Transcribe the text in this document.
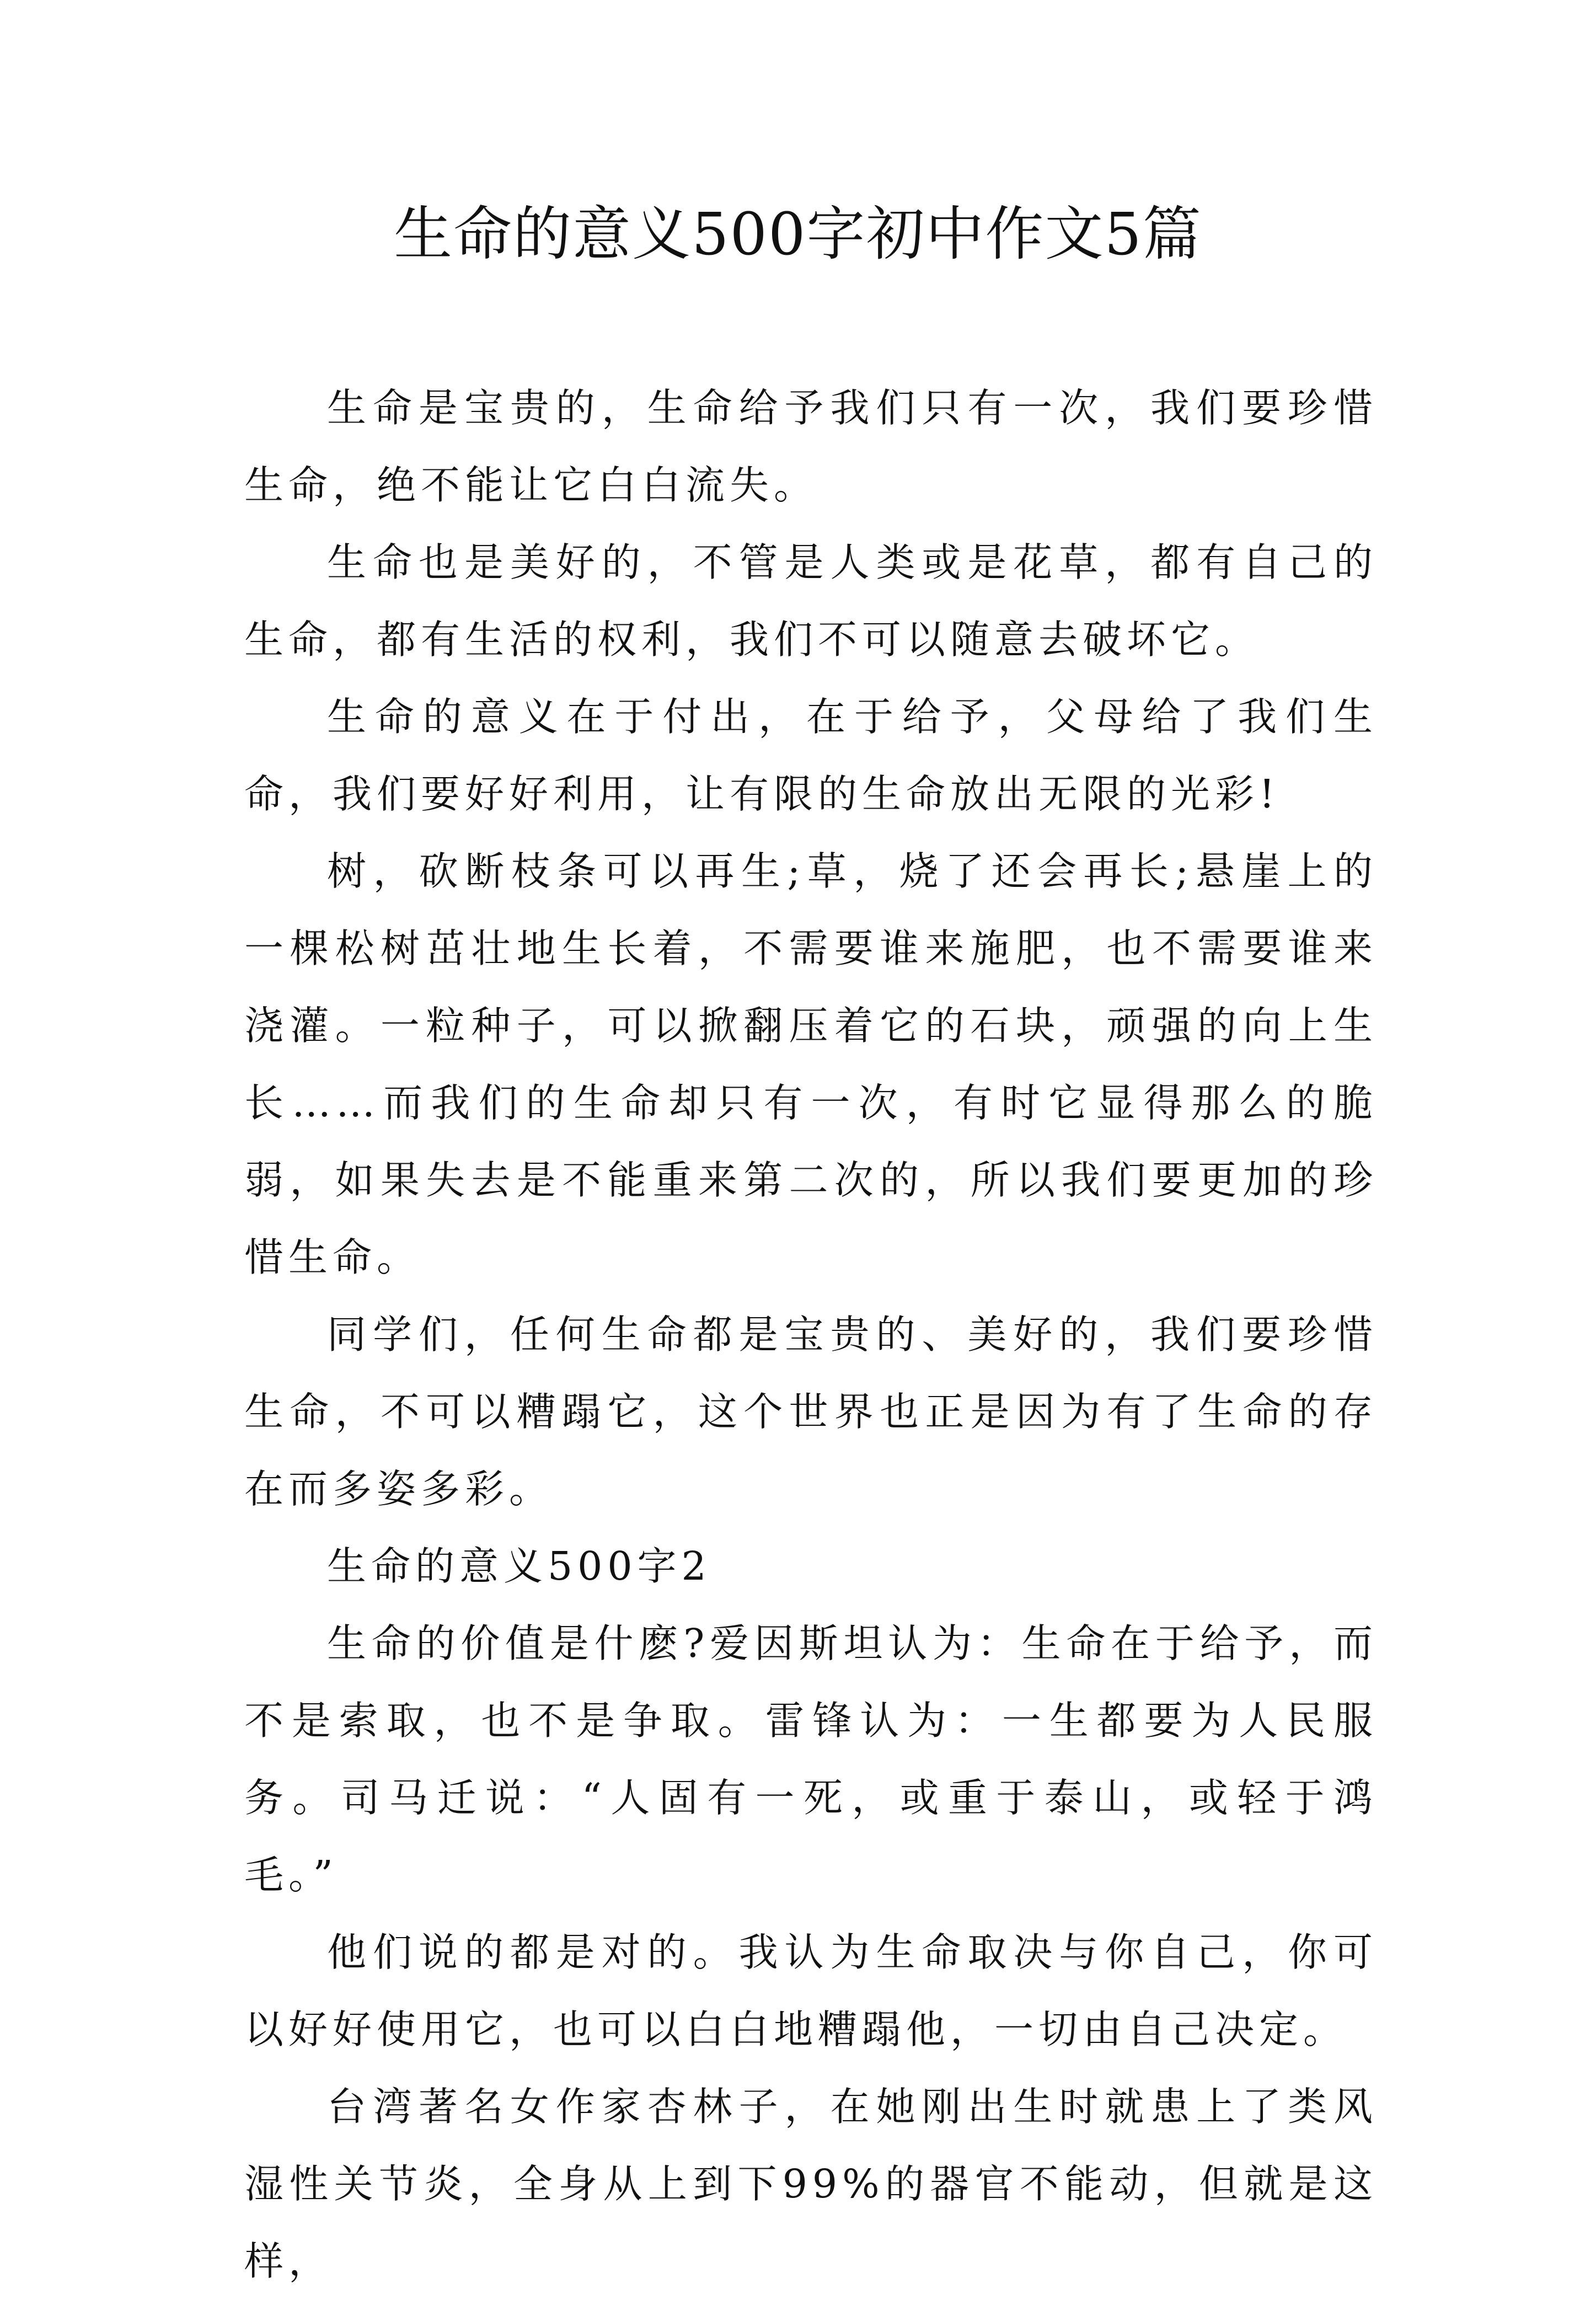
生命的意义500字初中作文5篇

生命是宝贵的，生命给予我们只有一次，我们要珍惜生命，绝不能让它白白流失。

生命也是美好的，不管是人类或是花草，都有自己的生命，都有生活的权利，我们不可以随意去破坏它。

生命的意义在于付出，在于给予，父母给了我们生命，我们要好好利用，让有限的生命放出无限的光彩!

树，砍断枝条可以再生;草，烧了还会再长;悬崖上的一棵松树茁壮地生长着，不需要谁来施肥，也不需要谁来浇灌。一粒种子，可以掀翻压着它的石块，顽强的向上生长……而我们的生命却只有一次，有时它显得那么的脆弱，如果失去是不能重来第二次的，所以我们要更加的珍惜生命。

同学们，任何生命都是宝贵的、美好的，我们要珍惜生命，不可以糟蹋它，这个世界也正是因为有了生命的存在而多姿多彩。

生命的意义500字2

生命的价值是什麽?爱因斯坦认为：生命在于给予，而不是索取，也不是争取。雷锋认为：一生都要为人民服务。司马迁说：“人固有一死，或重于泰山，或轻于鸿毛。”

他们说的都是对的。我认为生命取决与你自己，你可以好好使用它，也可以白白地糟蹋他，一切由自己决定。

台湾著名女作家杏林子，在她刚出生时就患上了类风湿性关节炎，全身从上到下99%的器官不能动，但就是这样，
